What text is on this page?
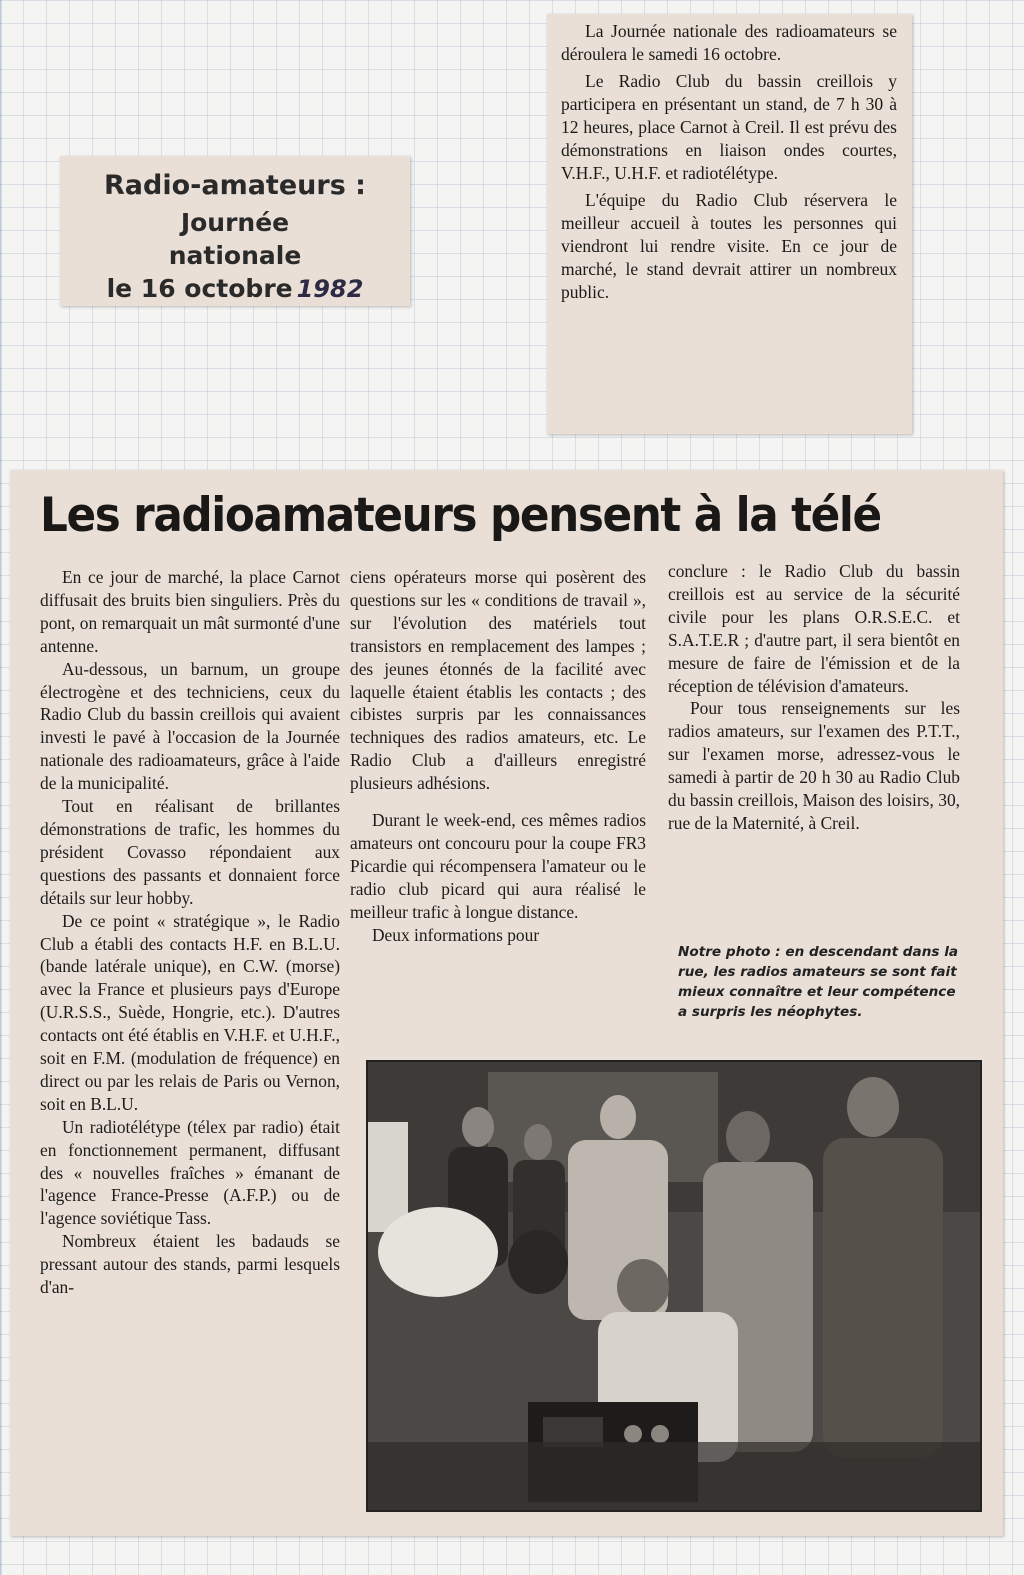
Radio-amateurs :
Journée
nationale
le 16 octobre 1982

La Journée nationale des radioamateurs se déroulera le samedi 16 octobre.

Le Radio Club du bassin creillois y participera en présentant un stand, de 7 h 30 à 12 heures, place Carnot à Creil. Il est prévu des démonstrations en liaison ondes courtes, V.H.F., U.H.F. et radiotélétype.

L'équipe du Radio Club réservera le meilleur accueil à toutes les personnes qui viendront lui rendre visite. En ce jour de marché, le stand devrait attirer un nombreux public.

Les radioamateurs pensent à la télé

En ce jour de marché, la place Carnot diffusait des bruits bien singuliers. Près du pont, on remarquait un mât surmonté d'une antenne.

Au-dessous, un barnum, un groupe électrogène et des techniciens, ceux du Radio Club du bassin creillois qui avaient investi le pavé à l'occasion de la Journée nationale des radioamateurs, grâce à l'aide de la municipalité.

Tout en réalisant de brillantes démonstrations de trafic, les hommes du président Covasso répondaient aux questions des passants et donnaient force détails sur leur hobby.

De ce point « stratégique », le Radio Club a établi des contacts H.F. en B.L.U. (bande latérale unique), en C.W. (morse) avec la France et plusieurs pays d'Europe (U.R.S.S., Suède, Hongrie, etc.). D'autres contacts ont été établis en V.H.F. et U.H.F., soit en F.M. (modulation de fréquence) en direct ou par les relais de Paris ou Vernon, soit en B.L.U.

Un radiotélétype (télex par radio) était en fonctionnement permanent, diffusant des « nouvelles fraîches » émanant de l'agence France-Presse (A.F.P.) ou de l'agence soviétique Tass.

Nombreux étaient les badauds se pressant autour des stands, parmi lesquels d'an-

ciens opérateurs morse qui posèrent des questions sur les « conditions de travail », sur l'évolution des matériels tout transistors en remplacement des lampes ; des jeunes étonnés de la facilité avec laquelle étaient établis les contacts ; des cibistes surpris par les connaissances techniques des radios amateurs, etc. Le Radio Club a d'ailleurs enregistré plusieurs adhésions.

Durant le week-end, ces mêmes radios amateurs ont concouru pour la coupe FR3 Picardie qui récompensera l'amateur ou le radio club picard qui aura réalisé le meilleur trafic à longue distance.

Deux informations pour

conclure : le Radio Club du bassin creillois est au service de la sécurité civile pour les plans O.R.S.E.C. et S.A.T.E.R ; d'autre part, il sera bientôt en mesure de faire de l'émission et de la réception de télévision d'amateurs.

Pour tous renseignements sur les radios amateurs, sur l'examen des P.T.T., sur l'examen morse, adressez-vous le samedi à partir de 20 h 30 au Radio Club du bassin creillois, Maison des loisirs, 30, rue de la Maternité, à Creil.

Notre photo : en descendant dans la rue, les radios amateurs se sont fait mieux connaître et leur compétence a surpris les néophytes.
